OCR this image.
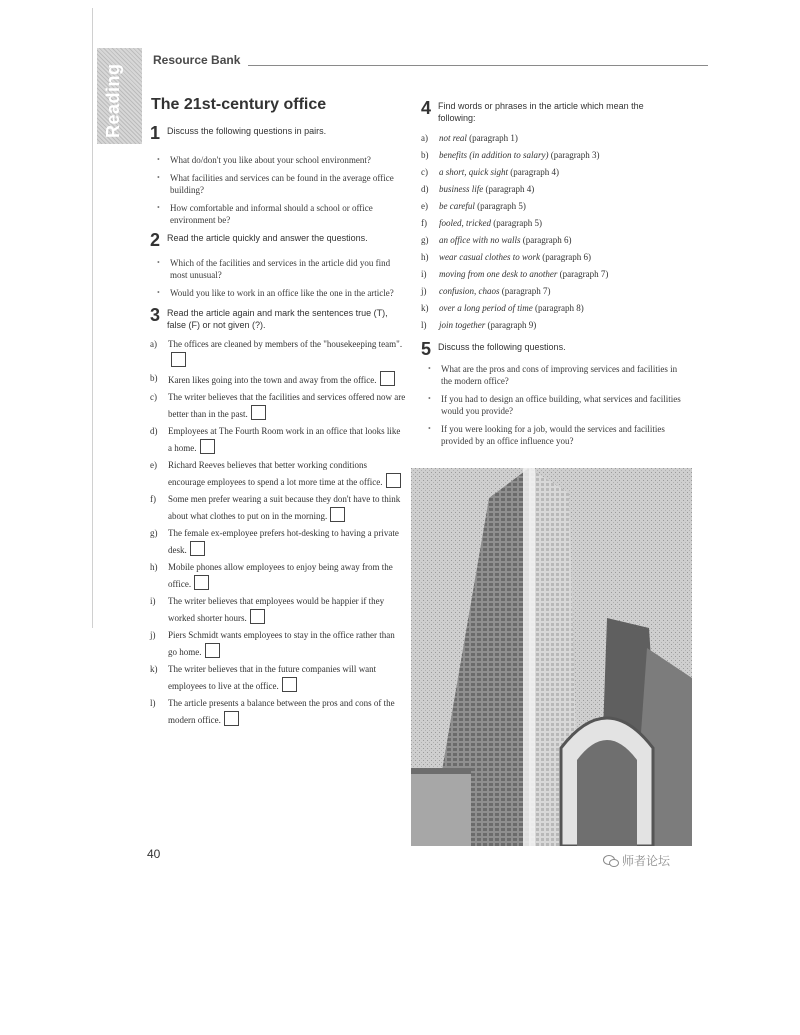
Reading
Resource Bank
The 21st-century office
1 Discuss the following questions in pairs.
• What do/don't you like about your school environment?
• What facilities and services can be found in the average office building?
• How comfortable and informal should a school or office environment be?
2 Read the article quickly and answer the questions.
• Which of the facilities and services in the article did you find most unusual?
• Would you like to work in an office like the one in the article?
3 Read the article again and mark the sentences true (T), false (F) or not given (?).
a) The offices are cleaned by members of the "housekeeping team".
b) Karen likes going into the town and away from the office.
c) The writer believes that the facilities and services offered now are better than in the past.
d) Employees at The Fourth Room work in an office that looks like a home.
e) Richard Reeves believes that better working conditions encourage employees to spend a lot more time at the office.
f) Some men prefer wearing a suit because they don't have to think about what clothes to put on in the morning.
g) The female ex-employee prefers hot-desking to having a private desk.
h) Mobile phones allow employees to enjoy being away from the office.
i) The writer believes that employees would be happier if they worked shorter hours.
j) Piers Schmidt wants employees to stay in the office rather than go home.
k) The writer believes that in the future companies will want employees to live at the office.
l) The article presents a balance between the pros and cons of the modern office.
4 Find words or phrases in the article which mean the following:
a) not real (paragraph 1)
b) benefits (in addition to salary) (paragraph 3)
c) a short, quick sight (paragraph 4)
d) business life (paragraph 4)
e) be careful (paragraph 5)
f) fooled, tricked (paragraph 5)
g) an office with no walls (paragraph 6)
h) wear casual clothes to work (paragraph 6)
i) moving from one desk to another (paragraph 7)
j) confusion, chaos (paragraph 7)
k) over a long period of time (paragraph 8)
l) join together (paragraph 9)
5 Discuss the following questions.
• What are the pros and cons of improving services and facilities in the modern office?
• If you had to design an office building, what services and facilities would you provide?
• If you were looking for a job, would the services and facilities provided by an office influence you?
40	师者论坛
